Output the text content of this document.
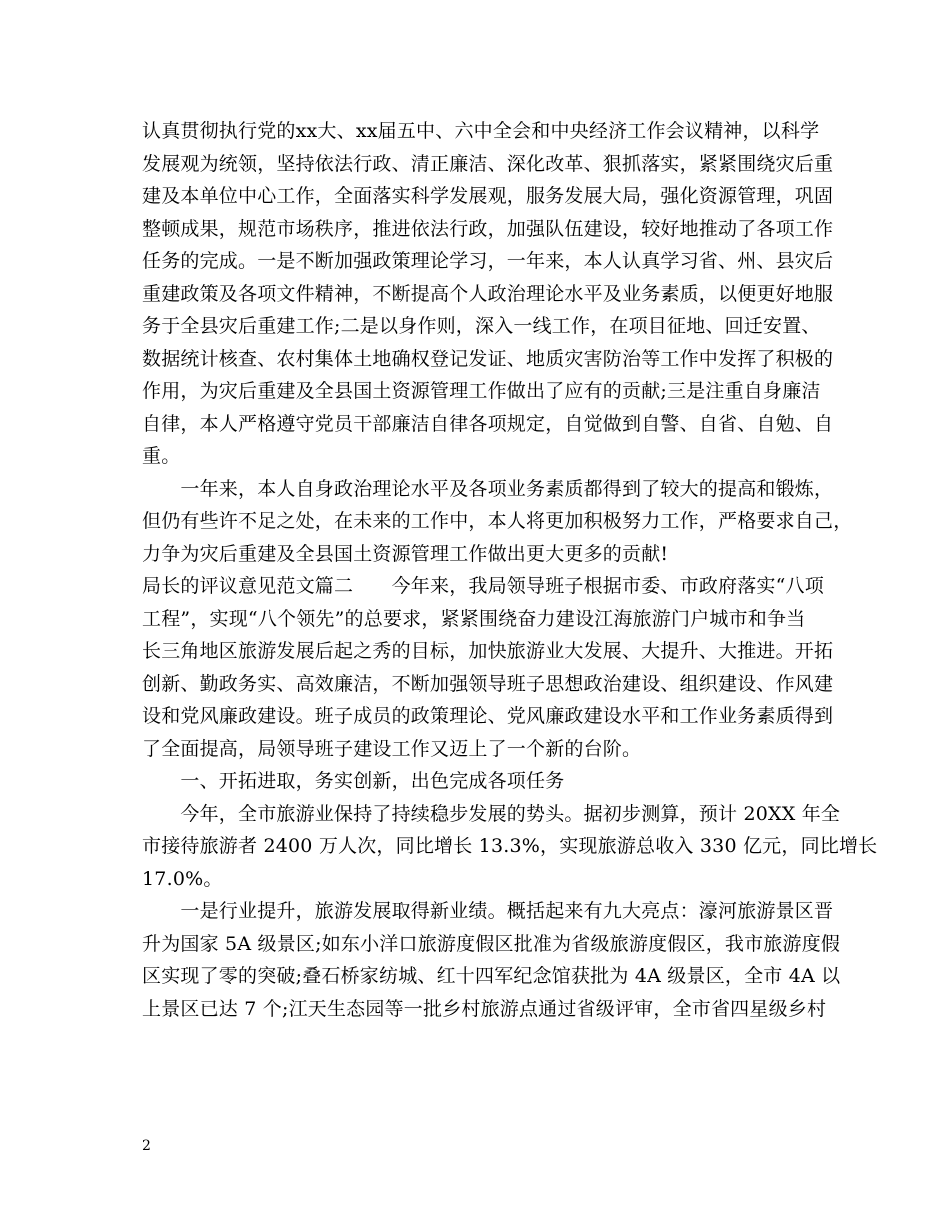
认真贯彻执行党的xx大、xx届五中、六中全会和中央经济工作会议精神，以科学
发展观为统领，坚持依法行政、清正廉洁、深化改革、狠抓落实，紧紧围绕灾后重
建及本单位中心工作，全面落实科学发展观，服务发展大局，强化资源管理，巩固
整顿成果，规范市场秩序，推进依法行政，加强队伍建设，较好地推动了各项工作
任务的完成。一是不断加强政策理论学习，一年来，本人认真学习省、州、县灾后
重建政策及各项文件精神，不断提高个人政治理论水平及业务素质，以便更好地服
务于全县灾后重建工作;二是以身作则，深入一线工作，在项目征地、回迁安置、
数据统计核查、农村集体土地确权登记发证、地质灾害防治等工作中发挥了积极的
作用，为灾后重建及全县国土资源管理工作做出了应有的贡献;三是注重自身廉洁
自律，本人严格遵守党员干部廉洁自律各项规定，自觉做到自警、自省、自勉、自
重。
　　一年来，本人自身政治理论水平及各项业务素质都得到了较大的提高和锻炼，
但仍有些许不足之处，在未来的工作中，本人将更加积极努力工作，严格要求自己，
力争为灾后重建及全县国土资源管理工作做出更大更多的贡献!
局长的评议意见范文篇二　　今年来，我局领导班子根据市委、市政府落实“八项
工程”，实现“八个领先”的总要求，紧紧围绕奋力建设江海旅游门户城市和争当
长三角地区旅游发展后起之秀的目标，加快旅游业大发展、大提升、大推进。开拓
创新、勤政务实、高效廉洁，不断加强领导班子思想政治建设、组织建设、作风建
设和党风廉政建设。班子成员的政策理论、党风廉政建设水平和工作业务素质得到
了全面提高，局领导班子建设工作又迈上了一个新的台阶。
　　一、开拓进取，务实创新，出色完成各项任务
　　今年，全市旅游业保持了持续稳步发展的势头。据初步测算，预计 20XX 年全
市接待旅游者 2400 万人次，同比增长 13.3%，实现旅游总收入 330 亿元，同比增长
17.0%。
　　一是行业提升，旅游发展取得新业绩。概括起来有九大亮点：濠河旅游景区晋
升为国家 5A 级景区;如东小洋口旅游度假区批准为省级旅游度假区，我市旅游度假
区实现了零的突破;叠石桥家纺城、红十四军纪念馆获批为 4A 级景区，全市 4A 以
上景区已达 7 个;江天生态园等一批乡村旅游点通过省级评审，全市省四星级乡村
2
